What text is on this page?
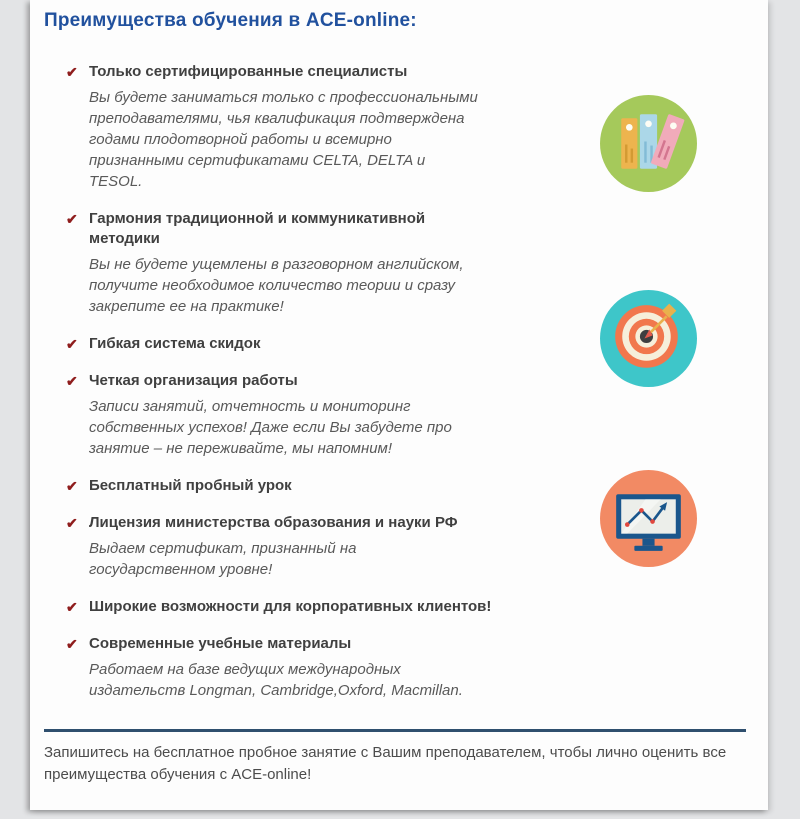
Преимущества обучения в ACE-online:
✔ Только сертифицированные специалисты

Вы будете заниматься только с профессиональными преподавателями, чья квалификация подтверждена годами плодотворной работы и всемирно признанными сертификатами CELTA, DELTA и TESOL.

✔ Гармония традиционной и коммуникативной методики

Вы не будете ущемлены в разговорном английском, получите необходимое количество теории и сразу закрепите ее на практике!

✔ Гибкая система скидок
✔ Четкая организация работы

Записи занятий, отчетность и мониторинг собственных успехов! Даже если Вы забудете про занятие – не переживайте, мы напомним!

✔ Бесплатный пробный урок
✔ Лицензия министерства образования и науки РФ

Выдаем сертификат, признанный на государственном уровне!

✔ Широкие возможности для корпоративных клиентов!
✔ Современные учебные материалы

Работаем на базе ведущих международных издательств Longman, Cambridge,Oxford, Macmillan.

Запишитесь на бесплатное пробное занятие с Вашим преподавателем, чтобы лично оценить все преимущества обучения с ACE-online!
